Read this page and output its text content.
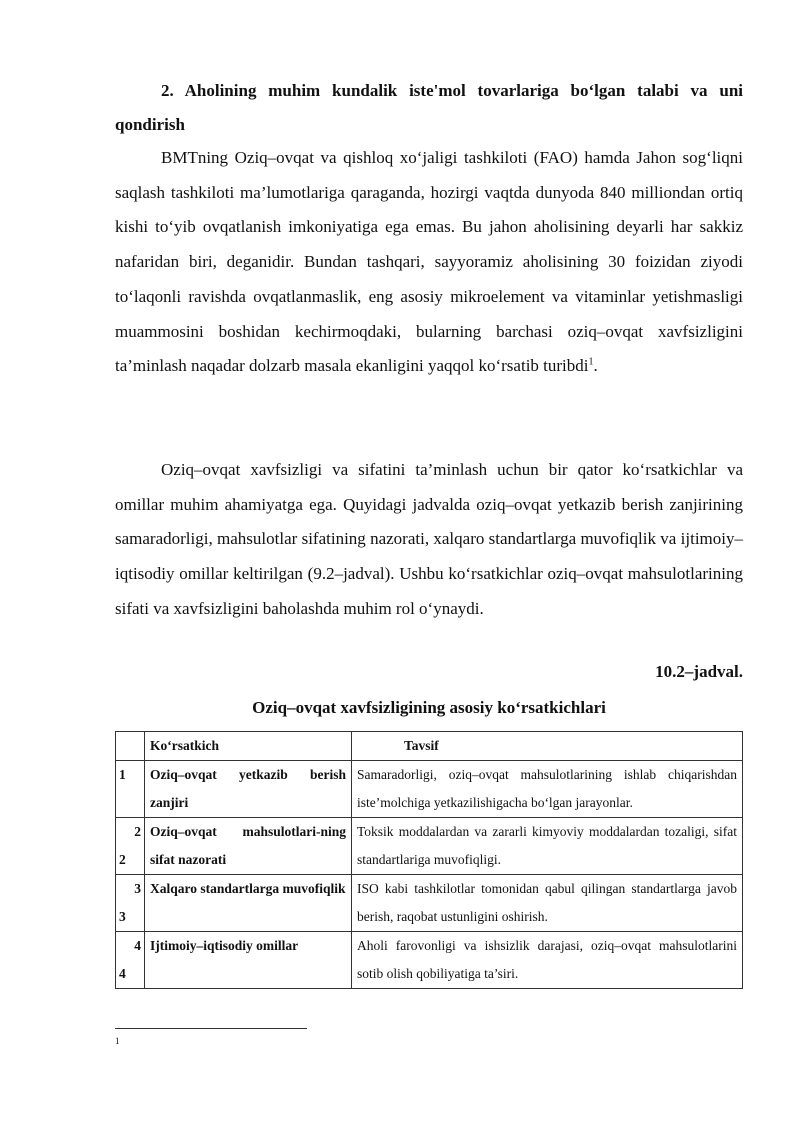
2. Aholining muhim kundalik iste'mol tovarlariga bo‘lgan talabi va uni qondirish

BMTning Oziq–ovqat va qishloq xo‘jaligi tashkiloti (FAO) hamda Jahon sog‘liqni saqlash tashkiloti ma’lumotlariga qaraganda, hozirgi vaqtda dunyoda 840 milliondan ortiq kishi to‘yib ovqatlanish imkoniyatiga ega emas. Bu jahon aholisining deyarli har sakkiz nafaridan biri, deganidir. Bundan tashqari, sayyoramiz aholisining 30 foizidan ziyodi to‘laqonli ravishda ovqatlanmaslik, eng asosiy mikroelement va vitaminlar yetishmasligi muammosini boshidan kechirmoqdaki, bularning barchasi oziq–ovqat xavfsizligini ta’minlash naqadar dolzarb masala ekanligini yaqqol ko‘rsatib turibdi$^1$.

Oziq–ovqat xavfsizligi va sifatini ta’minlash uchun bir qator ko‘rsatkichlar va omillar muhim ahamiyatga ega. Quyidagi jadvalda oziq–ovqat yetkazib berish zanjirining samaradorligi, mahsulotlar sifatining nazorati, xalqaro standartlarga muvofiqlik va ijtimoiy–iqtisodiy omillar keltirilgan (9.2–jadval). Ushbu ko‘rsatkichlar oziq–ovqat mahsulotlarining sifati va xavfsizligini baholashda muhim rol o‘ynaydi.

10.2–jadval.

Oziq–ovqat xavfsizligining asosiy ko‘rsatkichlari

	Ko‘rsatkich	Tavsif

1	Oziq–ovqat yetkazib berish zanjiri	Samaradorligi, oziq–ovqat mahsulotlarining ishlab chiqarishdan iste’molchiga yetkazilishigacha bo‘lgan jarayonlar.

2
2	Oziq–ovqat mahsulotlari-ning sifat nazorati	Toksik moddalardan va zararli kimyoviy moddalardan tozaligi, sifat standartlariga muvofiqligi.

3
3	Xalqaro standartlarga muvofiqlik	ISO kabi tashkilotlar tomonidan qabul qilingan standartlarga javob berish, raqobat ustunligini oshirish.

4
4	Ijtimoiy–iqtisodiy omillar	Aholi farovonligi va ishsizlik darajasi, oziq–ovqat mahsulotlarini sotib olish qobiliyatiga ta’siri.
1
